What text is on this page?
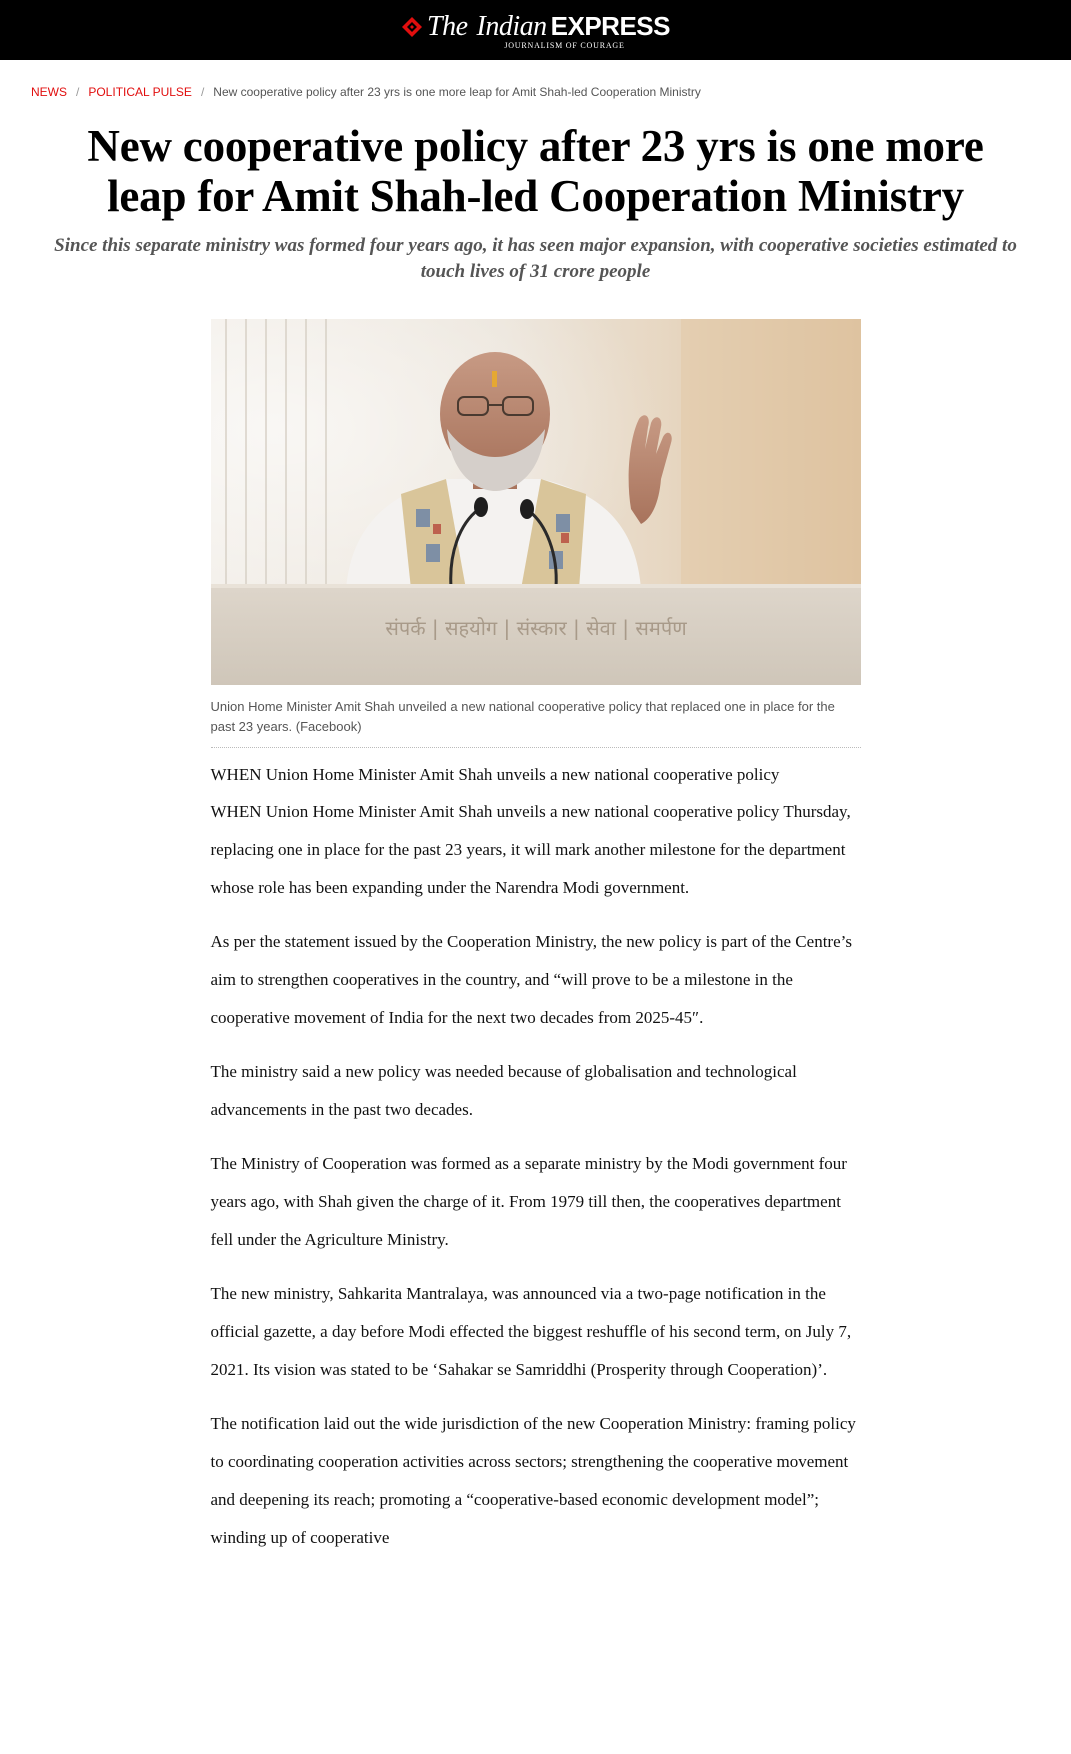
The Indian EXPRESS
JOURNALISM OF COURAGE
NEWS / POLITICAL PULSE / New cooperative policy after 23 yrs is one more leap for Amit Shah-led Cooperation Ministry
New cooperative policy after 23 yrs is one more leap for Amit Shah-led Cooperation Ministry
Since this separate ministry was formed four years ago, it has seen major expansion, with cooperative societies estimated to touch lives of 31 crore people
संपर्क | सहयोग | संस्कार | सेवा | समर्पण
Union Home Minister Amit Shah unveiled a new national cooperative policy that replaced one in place for the past 23 years. (Facebook)

WHEN Union Home Minister Amit Shah unveils a new national cooperative policy

WHEN Union Home Minister Amit Shah unveils a new national cooperative policy Thursday, replacing one in place for the past 23 years, it will mark another milestone for the department whose role has been expanding under the Narendra Modi government.

As per the statement issued by the Cooperation Ministry, the new policy is part of the Centre’s aim to strengthen cooperatives in the country, and “will prove to be a milestone in the cooperative movement of India for the next two decades from 2025-45″.

The ministry said a new policy was needed because of globalisation and technological advancements in the past two decades.

The Ministry of Cooperation was formed as a separate ministry by the Modi government four years ago, with Shah given the charge of it. From 1979 till then, the cooperatives department fell under the Agriculture Ministry.

The new ministry, Sahkarita Mantralaya, was announced via a two-page notification in the official gazette, a day before Modi effected the biggest reshuffle of his second term, on July 7, 2021. Its vision was stated to be ‘Sahakar se Samriddhi (Prosperity through Cooperation)’.

The notification laid out the wide jurisdiction of the new Cooperation Ministry: framing policy to coordinating cooperation activities across sectors; strengthening the cooperative movement and deepening its reach; promoting a “cooperative-based economic development model”; winding up of cooperative
